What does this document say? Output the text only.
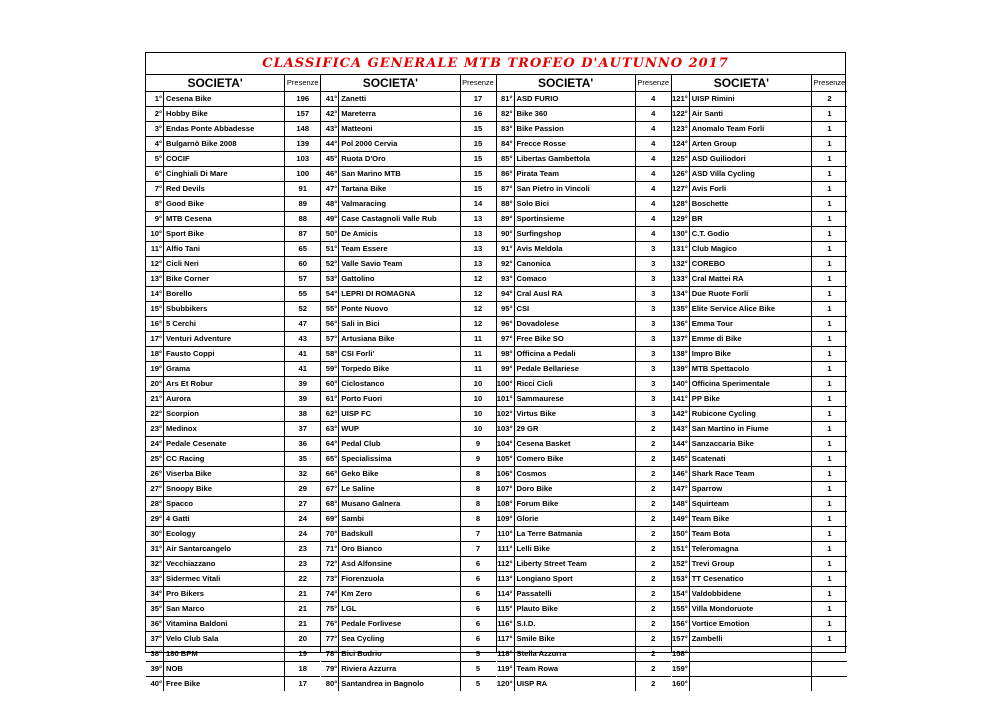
CLASSIFICA GENERALE MTB TROFEO D'AUTUNNO 2017
SOCIETA'	Presenze
1° Cesena Bike	196
2° Hobby Bike	157
3° Endas Ponte Abbadesse	148
4° Bulgarnò Bike 2008	139
5° COCIF	103
6° Cinghiali Di Mare	100
7° Red Devils	91
8° Good Bike	89
9° MTB Cesena	88
10° Sport Bike	87
11° Alfio Tani	65
12° Cicli Neri	60
13° Bike Corner	57
14° Borello	55
15° Sbubbikers	52
16° 5 Cerchi	47
17° Venturi Adventure	43
18° Fausto Coppi	41
19° Grama	41
20° Ars Et Robur	39
21° Aurora	39
22° Scorpion	38
23° Medinox	37
24° Pedale Cesenate	36
25° CC Racing	35
26° Viserba Bike	32
27° Snoopy Bike	29
28° Spacco	27
29° 4 Gatti	24
30° Ecology	24
31° Air Santarcangelo	23
32° Vecchiazzano	23
33° Sidermec Vitali	22
34° Pro Bikers	21
35° San Marco	21
36° Vitamina Baldoni	21
37° Velo Club Sala	20
38° 180 BPM	19
39° NOB	18
40° Free Bike	17
SOCIETA'	Presenze
41° Zanetti	17
42° Mareterra	16
43° Matteoni	15
44° Pol 2000 Cervia	15
45° Ruota D'Oro	15
46° San Marino MTB	15
47° Tartana Bike	15
48° Valmaracing	14
49° Case Castagnoli Valle Rub	13
50° De Amicis	13
51° Team Essere	13
52° Valle Savio Team	13
53° Gattolino	12
54° LEPRI DI ROMAGNA	12
55° Ponte Nuovo	12
56° Sali in Bici	12
57° Artusiana Bike	11
58° CSI Forli'	11
59° Torpedo Bike	11
60° Ciclostanco	10
61° Porto Fuori	10
62° UISP FC	10
63° WUP	10
64° Pedal Club	9
65° Specialissima	9
66° Geko Bike	8
67° Le Saline	8
68° Musano Galnera	8
69° Sambi	8
70° Badskull	7
71° Oro Bianco	7
72° Asd Alfonsine	6
73° Fiorenzuola	6
74° Km Zero	6
75° LGL	6
76° Pedale Forlivese	6
77° Sea Cycling	6
78° Bici Budrio	5
79° Riviera Azzurra	5
80° Santandrea in Bagnolo	5
SOCIETA'	Presenze
81° ASD FURIO	4
82° Bike 360	4
83° Bike Passion	4
84° Frecce Rosse	4
85° Libertas Gambettola	4
86° Pirata Team	4
87° San Pietro in Vincoli	4
88° Solo Bici	4
89° Sportinsieme	4
90° Surfingshop	4
91° Avis Meldola	3
92° Canonica	3
93° Comaco	3
94° Cral Ausl RA	3
95° CSI	3
96° Dovadolese	3
97° Free Bike SO	3
98° Officina a Pedali	3
99° Pedale Bellariese	3
100° Ricci Cicli	3
101° Sammaurese	3
102° Virtus Bike	3
103° 29 GR	2
104° Cesena Basket	2
105° Comero Bike	2
106° Cosmos	2
107° Doro Bike	2
108° Forum Bike	2
109° Glorie	2
110° La Terre Batmania	2
111° Lelli Bike	2
112° Liberty Street Team	2
113° Longiano Sport	2
114° Passatelli	2
115° Plauto Bike	2
116° S.I.D.	2
117° Smile Bike	2
118° Stella Azzurra	2
119° Team Rowa	2
120° UISP RA	2
SOCIETA'	Presenze
121° UISP Rimini	2
122° Air Santi	1
123° Anomalo Team Forli	1
124° Arten Group	1
125° ASD Guiliodori	1
126° ASD Villa Cycling	1
127° Avis Forli	1
128° Boschette	1
129° BR	1
130° C.T. Godio	1
131° Club Magico	1
132° COREBO	1
133° Cral Mattei RA	1
134° Due Ruote Forli	1
135° Elite Service Alice Bike	1
136° Emma Tour	1
137° Emme di Bike	1
138° Impro Bike	1
139° MTB Spettacolo	1
140° Officina Sperimentale	1
141° PP Bike	1
142° Rubicone Cycling	1
143° San Martino in Fiume	1
144° Sanzaccaria Bike	1
145° Scatenati	1
146° Shark Race Team	1
147° Sparrow	1
148° Squirteam	1
149° Team Bike	1
150° Team Bota	1
151° Teleromagna	1
152° Trevi Group	1
153° TT Cesenatico	1
154° Valdobbidene	1
155° Villa Mondoruote	1
156° Vortice Emotion	1
157° Zambelli	1
158°
159°
160°
